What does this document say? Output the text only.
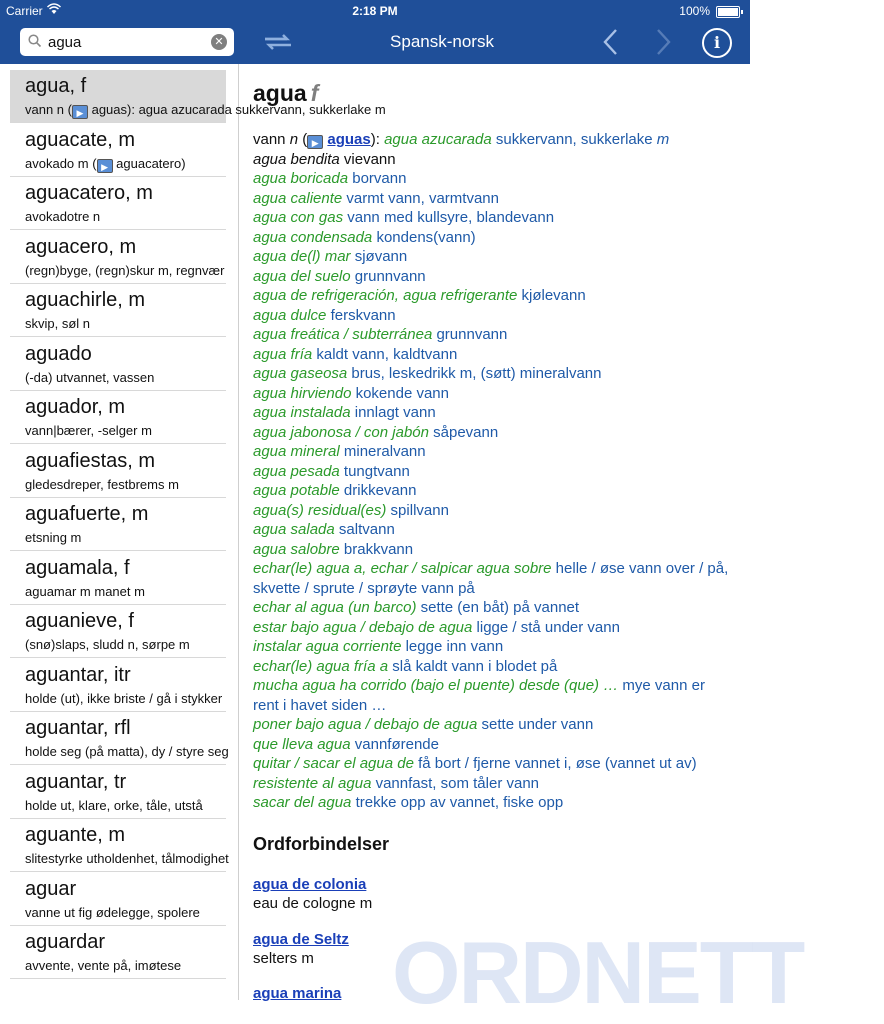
Carrier	2:18 PM	100%
agua	✕	Spansk-norsk	i
agua, f
vann n ( ▶ aguas): agua azucarada sukkervann, sukkerlake m
aguacate, m
avokado m ( ▶ aguacatero)
aguacatero, m
avokadotre n
aguacero, m
(regn)byge, (regn)skur m, regnvær
aguachirle, m
skvip, søl n
aguado
(-da) utvannet, vassen
aguador, m
vann|bærer, -selger m
aguafiestas, m
gledesdreper, festbrems m
aguafuerte, m
etsning m
aguamala, f
aguamar m manet m
aguanieve, f
(snø)slaps, sludd n, sørpe m
aguantar, itr
holde (ut), ikke briste / gå i stykker
aguantar, rfl
holde seg (på matta), dy / styre seg
aguantar, tr
holde ut, klare, orke, tåle, utstå
aguante, m
slitestyrke utholdenhet, tålmodighet
aguar
vanne ut fig ødelegge, spolere
aguardar
avvente, vente på, imøtese
agua f
vann n ( ▶ aguas): agua azucarada sukkervann, sukkerlake m
agua bendita vievann
agua boricada borvann
agua caliente varmt vann, varmtvann
agua con gas vann med kullsyre, blandevann
agua condensada kondens(vann)
agua de(l) mar sjøvann
agua del suelo grunnvann
agua de refrigeración, agua refrigerante kjølevann
agua dulce ferskvann
agua freática / subterránea grunnvann
agua fría kaldt vann, kaldtvann
agua gaseosa brus, leskedrikk m, (søtt) mineralvann
agua hirviendo kokende vann
agua instalada innlagt vann
agua jabonosa / con jabón såpevann
agua mineral mineralvann
agua pesada tungtvann
agua potable drikkevann
agua(s) residual(es) spillvann
agua salada saltvann
agua salobre brakkvann
echar(le) agua a, echar / salpicar agua sobre helle / øse vann over / på, skvette / sprute / sprøyte vann på
echar al agua (un barco) sette (en båt) på vannet
estar bajo agua / debajo de agua ligge / stå under vann
instalar agua corriente legge inn vann
echar(le) agua fría a slå kaldt vann i blodet på
mucha agua ha corrido (bajo el puente) desde (que) … mye vann er rent i havet siden …
poner bajo agua / debajo de agua sette under vann
que lleva agua vannførende
quitar / sacar el agua de få bort / fjerne vannet i, øse (vannet ut av)
resistente al agua vannfast, som tåler vann
sacar del agua trekke opp av vannet, fiske opp
Ordforbindelser
agua de colonia
eau de cologne m
agua de Seltz
selters m
agua marina ORDNETT
